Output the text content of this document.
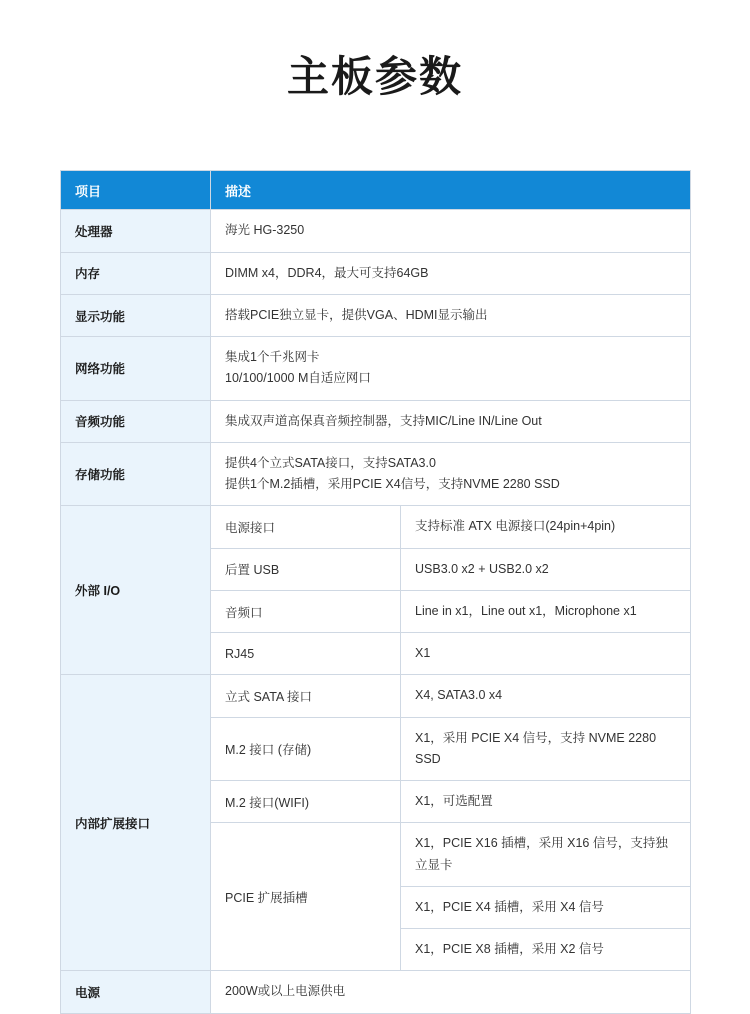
主板参数
项目	描述	
处理器	海光 HG-3250	
内存	DIMM x4，DDR4，最大可支持64GB	
显示功能	搭载PCIE独立显卡，提供VGA、HDMI显示输出	
网络功能	集成1个千兆网卡
10/100/1000 M自适应网口	

音频功能	集成双声道高保真音频控制器，支持MIC/Line IN/Line Out	
存储功能	提供4个立式SATA接口，支持SATA3.0
提供1个M.2插槽，采用PCIE X4信号，支持NVME 2280 SSD	

外部 I/O	电源接口	支持标准 ATX 电源接口(24pin+4pin)
	后置 USB	USB3.0 x2 + USB2.0 x2
	音频口	Line in x1，Line out x1，Microphone x1
	RJ45	X1
内部扩展接口	立式 SATA 接口	X4, SATA3.0 x4
	M.2 接口 (存储)	X1，采用 PCIE X4 信号，支持 NVME 2280 SSD
	M.2 接口(WIFI)	X1，可选配置
	PCIE 扩展插槽	X1，PCIE X16 插槽，采用 X16 信号，支持独立显卡
		X1，PCIE X4 插槽，采用 X4 信号
		X1，PCIE X8 插槽，采用 X2 信号
电源	200W或以上电源供电	
